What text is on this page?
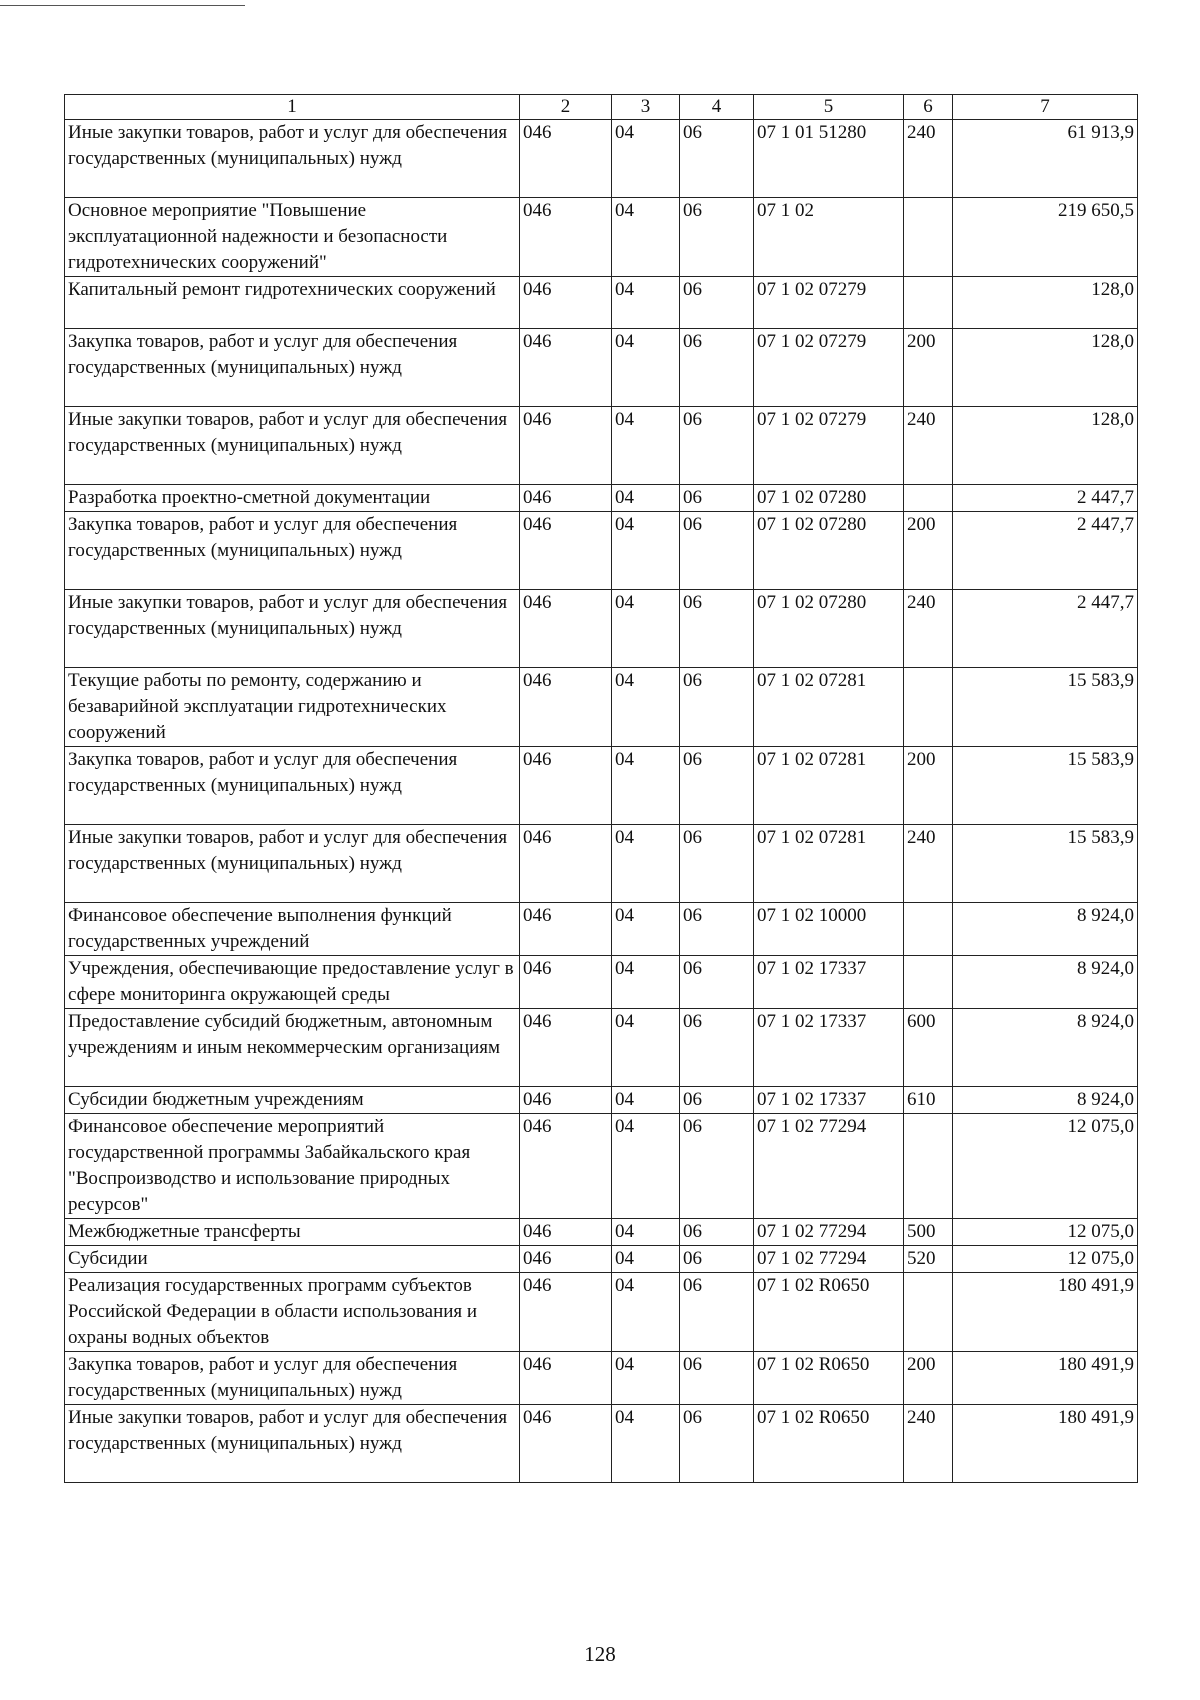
1	2	3	4	5	6	7
Иные закупки товаров, работ и услуг для обеспечения государственных (муниципальных) нужд	046	04	06	07 1 01 51280	240	61 913,9
Основное мероприятие "Повышение эксплуатационной надежности и безопасности гидротехнических сооружений"	046	04	06	07 1 02		219 650,5
Капитальный ремонт гидротехнических сооружений	046	04	06	07 1 02 07279		128,0
Закупка товаров, работ и услуг для обеспечения государственных (муниципальных) нужд	046	04	06	07 1 02 07279	200	128,0
Иные закупки товаров, работ и услуг для обеспечения государственных (муниципальных) нужд	046	04	06	07 1 02 07279	240	128,0
Разработка проектно-сметной документации	046	04	06	07 1 02 07280		2 447,7
Закупка товаров, работ и услуг для обеспечения государственных (муниципальных) нужд	046	04	06	07 1 02 07280	200	2 447,7
Иные закупки товаров, работ и услуг для обеспечения государственных (муниципальных) нужд	046	04	06	07 1 02 07280	240	2 447,7
Текущие работы по ремонту, содержанию и безаварийной эксплуатации гидротехнических сооружений	046	04	06	07 1 02 07281		15 583,9
Закупка товаров, работ и услуг для обеспечения государственных (муниципальных) нужд	046	04	06	07 1 02 07281	200	15 583,9
Иные закупки товаров, работ и услуг для обеспечения государственных (муниципальных) нужд	046	04	06	07 1 02 07281	240	15 583,9
Финансовое обеспечение выполнения функций государственных учреждений	046	04	06	07 1 02 10000		8 924,0
Учреждения, обеспечивающие предоставление услуг в сфере мониторинга окружающей среды	046	04	06	07 1 02 17337		8 924,0
Предоставление субсидий бюджетным, автономным учреждениям и иным некоммерческим организациям	046	04	06	07 1 02 17337	600	8 924,0
Субсидии бюджетным учреждениям	046	04	06	07 1 02 17337	610	8 924,0
Финансовое обеспечение мероприятий государственной программы Забайкальского края "Воспроизводство и использование природных ресурсов"	046	04	06	07 1 02 77294		12 075,0
Межбюджетные трансферты	046	04	06	07 1 02 77294	500	12 075,0
Субсидии	046	04	06	07 1 02 77294	520	12 075,0
Реализация государственных программ субъектов Российской Федерации в области использования и охраны водных объектов	046	04	06	07 1 02 R0650		180 491,9
Закупка товаров, работ и услуг для обеспечения государственных (муниципальных) нужд	046	04	06	07 1 02 R0650	200	180 491,9
Иные закупки товаров, работ и услуг для обеспечения государственных (муниципальных) нужд	046	04	06	07 1 02 R0650	240	180 491,9
128
